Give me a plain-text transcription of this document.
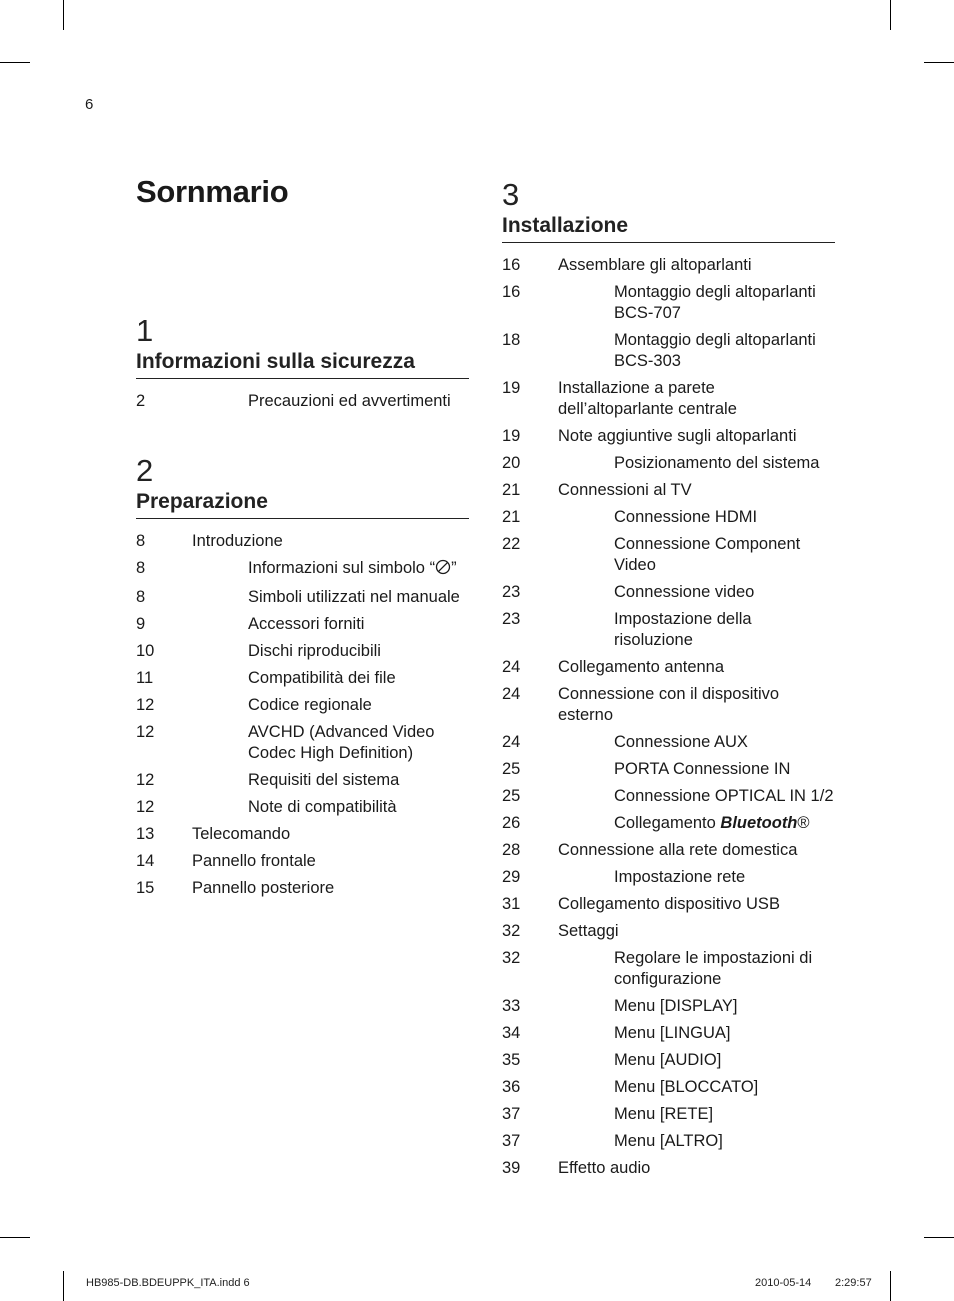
6
Sornmario
1
Informazioni sulla sicurezza
2	Precauzioni ed avvertimenti
2
Preparazione
8	Introduzione
8	Informazioni sul simbolo “ ”
8	Simboli utilizzati nel manuale
9	Accessori forniti
10	Dischi riproducibili
11	Compatibilità dei file
12	Codice regionale
12	AVCHD (Advanced Video Codec High Definition)
12	Requisiti del sistema
12	Note di compatibilità
13 Telecomando
14 Pannello frontale
15 Pannello posteriore
3
Installazione
16 Assemblare gli altoparlanti
16	Montaggio degli altoparlanti BCS-707
18	Montaggio degli altoparlanti BCS-303
19 Installazione a parete dell’altoparlante centrale
19 Note aggiuntive sugli altoparlanti
20	Posizionamento del sistema
21 Connessioni al TV
21	Connessione HDMI
22	Connessione Component Video
23	Connessione video
23	Impostazione della risoluzione
24 Collegamento antenna
24 Connessione con il dispositivo esterno
24	Connessione AUX
25	PORTA Connessione IN
25	Connessione OPTICAL IN 1/2
26	Collegamento Bluetooth®
28 Connessione alla rete domestica
29	Impostazione rete
31 Collegamento dispositivo USB
32 Settaggi
32	Regolare le impostazioni di configurazione
33	Menu [DISPLAY]
34	Menu [LINGUA]
35	Menu [AUDIO]
36	Menu [BLOCCATO]
37	Menu [RETE]
37	Menu [ALTRO]
39 Effetto audio
HB985-DB.BDEUPPK_ITA.indd 6	2010-05-14 2:29:57
